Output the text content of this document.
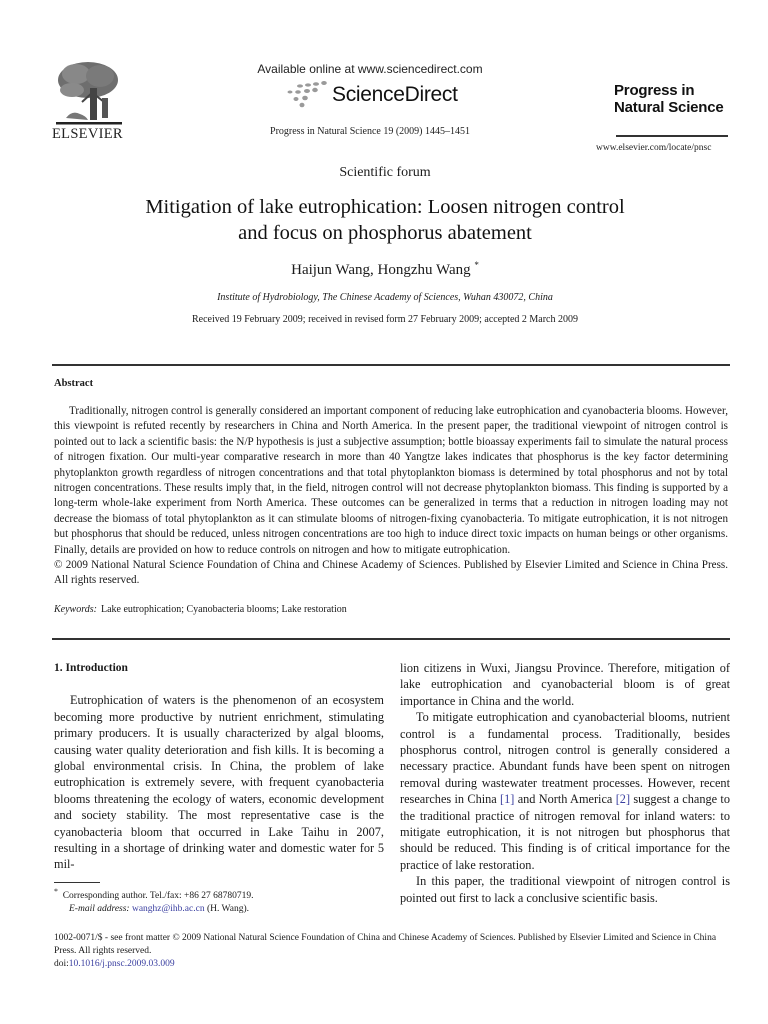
ELSEVIER
Available online at www.sciencedirect.com
ScienceDirect
Progress in Natural Science 19 (2009) 1445–1451
Progress in
Natural Science
www.elsevier.com/locate/pnsc
Scientific forum
Mitigation of lake eutrophication: Loosen nitrogen control
and focus on phosphorus abatement
Haijun Wang, Hongzhu Wang *
Institute of Hydrobiology, The Chinese Academy of Sciences, Wuhan 430072, China
Received 19 February 2009; received in revised form 27 February 2009; accepted 2 March 2009
Abstract

Traditionally, nitrogen control is generally considered an important component of reducing lake eutrophication and cyanobacteria blooms. However, this viewpoint is refuted recently by researchers in China and North America. In the present paper, the traditional viewpoint of nitrogen control is pointed out to lack a scientific basis: the N/P hypothesis is just a subjective assumption; bottle bioassay experiments fail to simulate the natural process of nitrogen fixation. Our multi-year comparative research in more than 40 Yangtze lakes indicates that phosphorus is the key factor determining phytoplankton growth regardless of nitrogen concentrations and that total phytoplankton biomass is determined by total phosphorus and not by total nitrogen concentrations. These results imply that, in the field, nitrogen control will not decrease phytoplankton biomass. This finding is supported by a long-term whole-lake experiment from North America. These outcomes can be generalized in terms that a reduction in nitrogen loading may not decrease the biomass of total phytoplankton as it can stimulate blooms of nitrogen-fixing cyanobacteria. To mitigate eutrophication, it is not nitrogen but phosphorus that should be reduced, unless nitrogen concentrations are too high to induce direct toxic impacts on human beings or other organisms. Finally, details are provided on how to reduce controls on nitrogen and how to mitigate eutrophication.

© 2009 National Natural Science Foundation of China and Chinese Academy of Sciences. Published by Elsevier Limited and Science in China Press. All rights reserved.

Keywords: Lake eutrophication; Cyanobacteria blooms; Lake restoration
1. Introduction

Eutrophication of waters is the phenomenon of an ecosystem becoming more productive by nutrient enrichment, stimulating primary producers. It is usually characterized by algal blooms, causing water quality deterioration and fish kills. It is becoming a global environmental crisis. In China, the problem of lake eutrophication is extremely severe, with frequent cyanobacteria blooms threatening the ecology of waters, economic development and society stability. The most representative case is the cyanobacteria bloom that occurred in Lake Taihu in 2007, resulting in a shortage of drinking water and domestic water for 5 mil-

lion citizens in Wuxi, Jiangsu Province. Therefore, mitigation of lake eutrophication and cyanobacterial bloom is of great importance in China and the world.

To mitigate eutrophication and cyanobacterial blooms, nutrient control is a fundamental process. Traditionally, besides phosphorus control, nitrogen control is generally considered a necessary practice. Abundant funds have been spent on nitrogen removal during wastewater treatment processes. However, recent researches in China [1] and North America [2] suggest a change to the traditional practice of nitrogen removal for inland waters: to mitigate eutrophication, it is not nitrogen but phosphorus that should be reduced. This finding is of critical importance for the practice of lake restoration.

In this paper, the traditional viewpoint of nitrogen control is pointed out first to lack a conclusive scientific basis.

* Corresponding author. Tel./fax: +86 27 68780719.
E-mail address: wanghz@ihb.ac.cn (H. Wang).
1002-0071/$ - see front matter © 2009 National Natural Science Foundation of China and Chinese Academy of Sciences. Published by Elsevier Limited and Science in China Press. All rights reserved.
doi:10.1016/j.pnsc.2009.03.009
